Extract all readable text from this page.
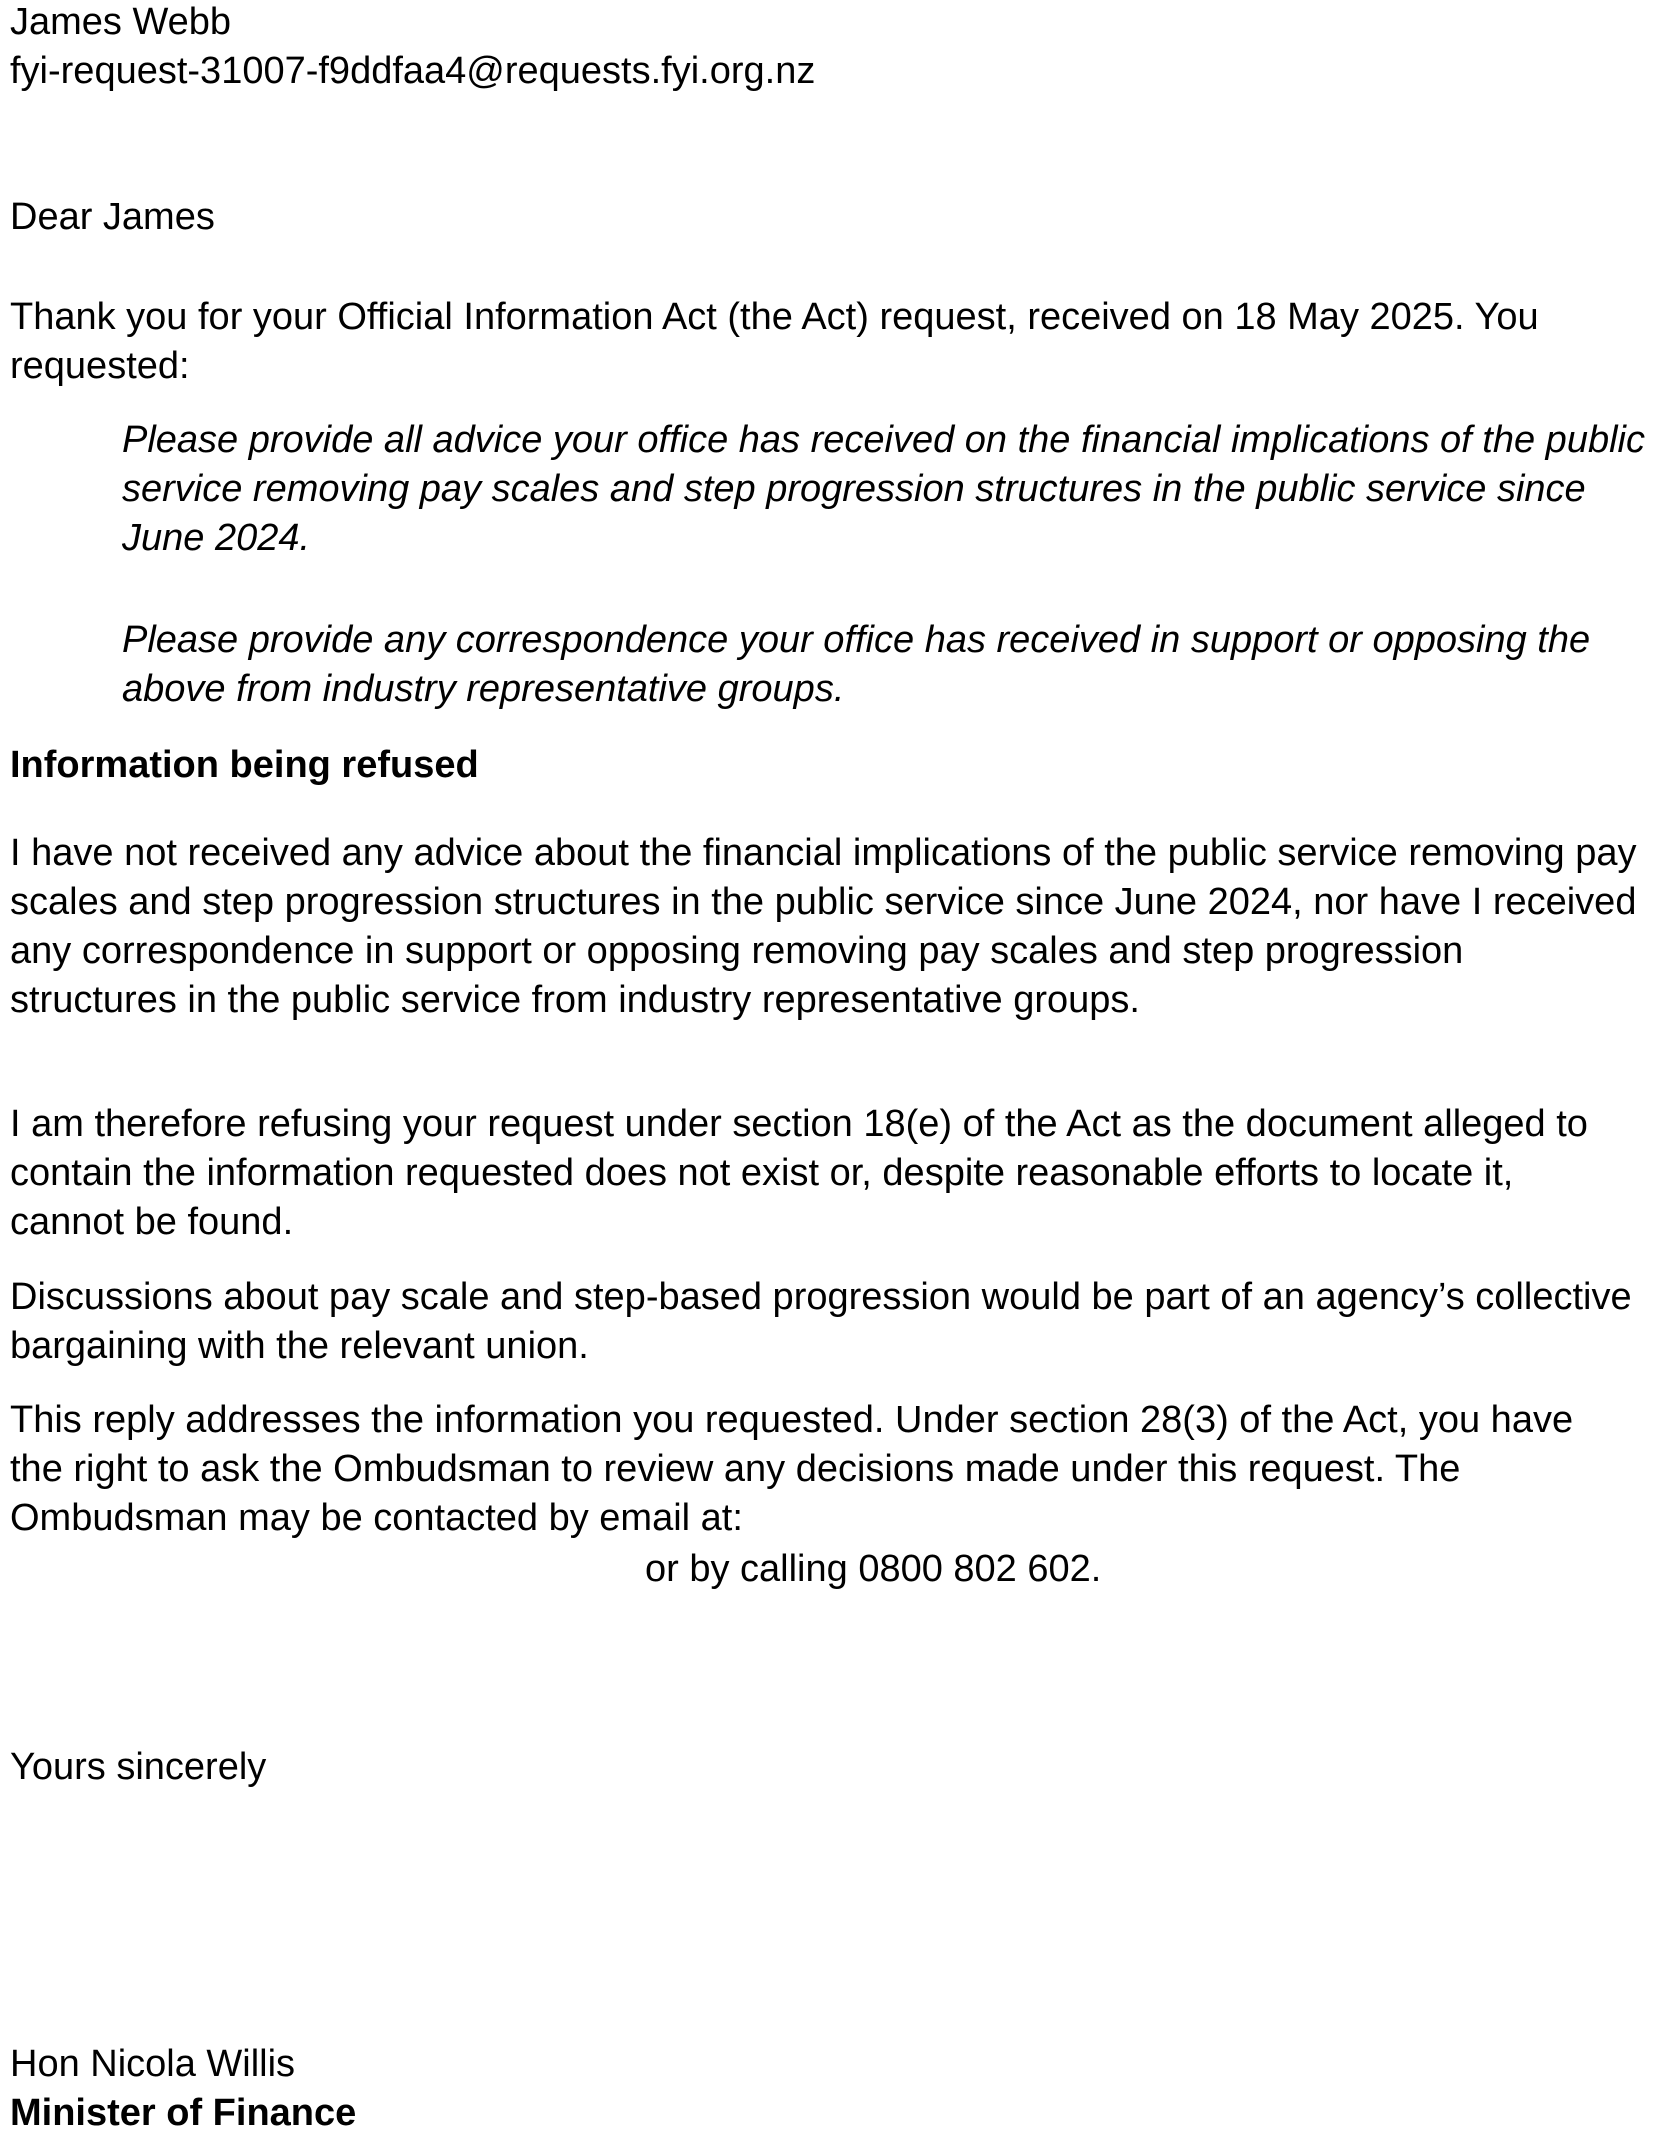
James Webb

fyi-request-31007-f9ddfaa4@requests.fyi.org.nz

Dear James

Thank you for your Official Information Act (the Act) request, received on 18 May 2025. You requested:

Please provide all advice your office has received on the financial implications of the public service removing pay scales and step progression structures in the public service since June 2024.

Please provide any correspondence your office has received in support or opposing the above from industry representative groups.

Information being refused

I have not received any advice about the financial implications of the public service removing pay scales and step progression structures in the public service since June 2024, nor have I received any correspondence in support or opposing removing pay scales and step progression structures in the public service from industry representative groups.

I am therefore refusing your request under section 18(e) of the Act as the document alleged to contain the information requested does not exist or, despite reasonable efforts to locate it, cannot be found.

Discussions about pay scale and step-based progression would be part of an agency’s collective bargaining with the relevant union.

This reply addresses the information you requested. Under section 28(3) of the Act, you have the right to ask the Ombudsman to review any decisions made under this request. The Ombudsman may be contacted by email at:

or by calling 0800 802 602.

Yours sincerely

Hon Nicola Willis

Minister of Finance
